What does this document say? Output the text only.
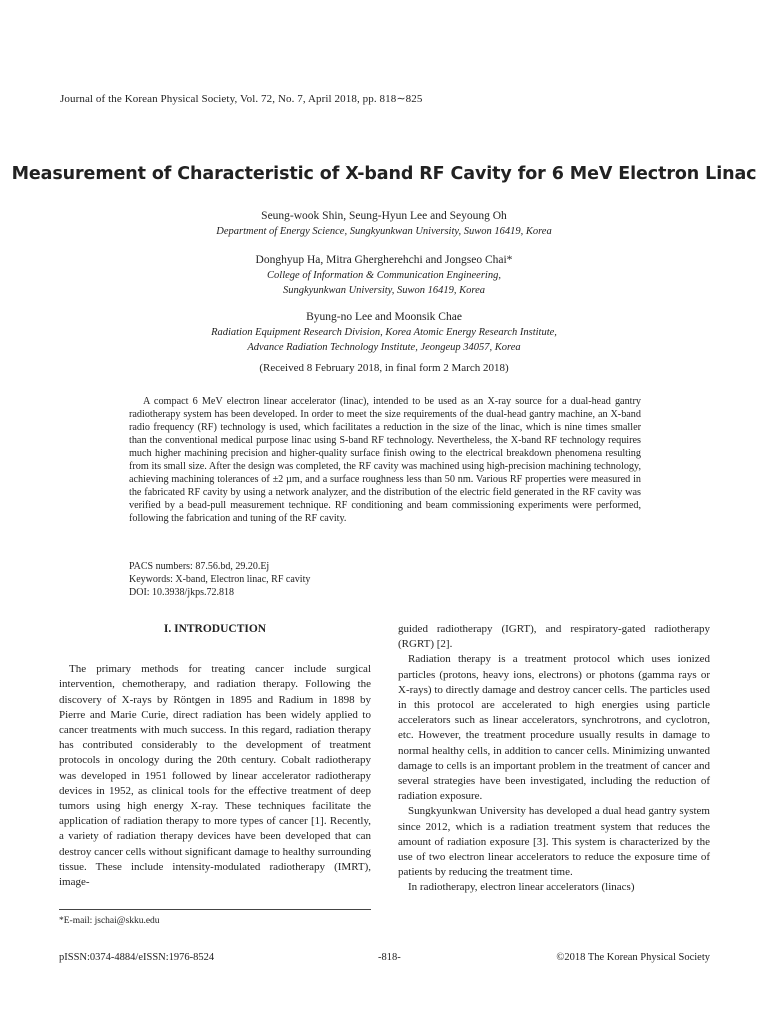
Journal of the Korean Physical Society, Vol. 72, No. 7, April 2018, pp. 818∼825
Measurement of Characteristic of X-band RF Cavity for 6 MeV Electron Linac
Seung-wook Shin, Seung-Hyun Lee and Seyoung Oh
Department of Energy Science, Sungkyunkwan University, Suwon 16419, Korea
Donghyup Ha, Mitra Ghergherehchi and Jongseo Chai*
College of Information & Communication Engineering,
Sungkyunkwan University, Suwon 16419, Korea
Byung-no Lee and Moonsik Chae
Radiation Equipment Research Division, Korea Atomic Energy Research Institute,
Advance Radiation Technology Institute, Jeongeup 34057, Korea
(Received 8 February 2018, in final form 2 March 2018)
A compact 6 MeV electron linear accelerator (linac), intended to be used as an X-ray source for a dual-head gantry radiotherapy system has been developed. In order to meet the size requirements of the dual-head gantry machine, an X-band radio frequency (RF) technology is used, which facilitates a reduction in the size of the linac, which is nine times smaller than the conventional medical purpose linac using S-band RF technology. Nevertheless, the X-band RF technology requires much higher machining precision and higher-quality surface finish owing to the electrical breakdown phenomena resulting from its small size. After the design was completed, the RF cavity was machined using high-precision machining technology, achieving machining tolerances of ±2 µm, and a surface roughness less than 50 nm. Various RF properties were measured in the fabricated RF cavity by using a network analyzer, and the distribution of the electric field generated in the RF cavity was verified by a bead-pull measurement technique. RF conditioning and beam commissioning experiments were performed, following the fabrication and tuning of the RF cavity.
PACS numbers: 87.56.bd, 29.20.Ej
Keywords: X-band, Electron linac, RF cavity
DOI: 10.3938/jkps.72.818
I. INTRODUCTION

The primary methods for treating cancer include surgical intervention, chemotherapy, and radiation therapy. Following the discovery of X-rays by Röntgen in 1895 and Radium in 1898 by Pierre and Marie Curie, direct radiation has been widely applied to cancer treatments with much success. In this regard, radiation therapy has contributed considerably to the development of treatment protocols in oncology during the 20th century. Cobalt radiotherapy was developed in 1951 followed by linear accelerator radiotherapy devices in 1952, as clinical tools for the effective treatment of deep tumors using high energy X-ray. These techniques facilitate the application of radiation therapy to more types of cancer [1]. Recently, a variety of radiation therapy devices have been developed that can destroy cancer cells without significant damage to healthy surrounding tissue. These include intensity-modulated radiotherapy (IMRT), image-

guided radiotherapy (IGRT), and respiratory-gated radiotherapy (RGRT) [2].

Radiation therapy is a treatment protocol which uses ionized particles (protons, heavy ions, electrons) or photons (gamma rays or X-rays) to directly damage and destroy cancer cells. The particles used in this protocol are accelerated to high energies using particle accelerators such as linear accelerators, synchrotrons, and cyclotron, etc. However, the treatment procedure usually results in damage to normal healthy cells, in addition to cancer cells. Minimizing unwanted damage to cells is an important problem in the treatment of cancer and several strategies have been investigated, including the reduction of radiation exposure.

Sungkyunkwan University has developed a dual head gantry system since 2012, which is a radiation treatment system that reduces the amount of radiation exposure [3]. This system is characterized by the use of two electron linear accelerators to reduce the exposure time of patients by reducing the treatment time.

In radiotherapy, electron linear accelerators (linacs)

*E-mail: jschai@skku.edu
pISSN:0374-4884/eISSN:1976-8524	-818-	©2018 The Korean Physical Society
